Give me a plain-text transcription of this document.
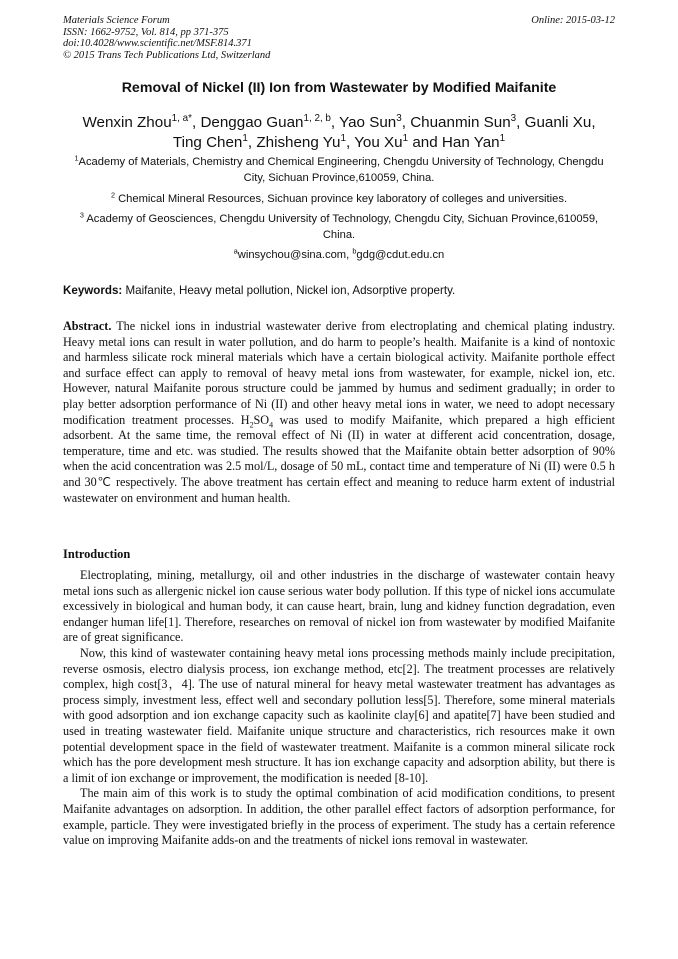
Materials Science Forum
ISSN: 1662-9752, Vol. 814, pp 371-375
doi:10.4028/www.scientific.net/MSF.814.371
© 2015 Trans Tech Publications Ltd, Switzerland
Online: 2015-03-12
Removal of Nickel (II) Ion from Wastewater by Modified Maifanite
Wenxin Zhou$^{1, a*}$, Denggao Guan$^{1, 2, b}$, Yao Sun$^3$, Chuanmin Sun$^3$, Guanli Xu,
Ting Chen$^1$, Zhisheng Yu$^1$, You Xu$^1$ and Han Yan$^1$
$^1$Academy of Materials, Chemistry and Chemical Engineering, Chengdu University of Technology, Chengdu City, Sichuan Province,610059, China.
$^2$ Chemical Mineral Resources, Sichuan province key laboratory of colleges and universities.
$^3$ Academy of Geosciences, Chengdu University of Technology, Chengdu City, Sichuan Province,610059, China.
$^a$winsychou@sina.com, $^b$gdg@cdut.edu.cn
Keywords: Maifanite, Heavy metal pollution, Nickel ion, Adsorptive property.
Abstract. The nickel ions in industrial wastewater derive from electroplating and chemical plating industry. Heavy metal ions can result in water pollution, and do harm to people’s health. Maifanite is a kind of nontoxic and harmless silicate rock mineral materials which have a certain biological activity. Maifanite porthole effect and surface effect can apply to removal of heavy metal ions from wastewater, for example, nickel ion, etc. However, natural Maifanite porous structure could be jammed by humus and sediment gradually; in order to play better adsorption performance of Ni (II) and other heavy metal ions in water, we need to adopt necessary modification treatment processes. $H_2SO_4$ was used to modify Maifanite, which prepared a high efficient adsorbent. At the same time, the removal effect of Ni (II) in water at different acid concentration, dosage, temperature, time and etc. was studied. The results showed that the Maifanite obtain better adsorption of 90% when the acid concentration was 2.5 mol/L, dosage of 50 mL, contact time and temperature of Ni (II) were 0.5 h and 30℃ respectively. The above treatment has certain effect and meaning to reduce harm extent of industrial wastewater on environment and human health.
Introduction

Electroplating, mining, metallurgy, oil and other industries in the discharge of wastewater contain heavy metal ions such as allergenic nickel ion cause serious water body pollution. If this type of nickel ions accumulate excessively in biological and human body, it can cause heart, brain, lung and kidney function degradation, even endanger human life[1]. Therefore, researches on removal of nickel ion from wastewater by modified Maifanite are of great significance.

Now, this kind of wastewater containing heavy metal ions processing methods mainly include precipitation, reverse osmosis, electro dialysis process, ion exchange method, etc[2]. The treatment processes are relatively complex, high cost[3，4]. The use of natural mineral for heavy metal wastewater treatment has advantages as process simply, investment less, effect well and secondary pollution less[5]. Therefore, some mineral materials with good adsorption and ion exchange capacity such as kaolinite clay[6] and apatite[7] have been studied and used in treating wastewater field. Maifanite unique structure and characteristics, rich resources make it own potential development space in the field of wastewater treatment. Maifanite is a common mineral silicate rock which has the pore development mesh structure. It has ion exchange capacity and adsorption ability, but there is a limit of ion exchange or improvement, the modification is needed [8-10].

The main aim of this work is to study the optimal combination of acid modification conditions, to present Maifanite advantages on adsorption. In addition, the other parallel effect factors of adsorption performance, for example, particle. They were investigated briefly in the process of experiment. The study has a certain reference value on improving Maifanite adds-on and the treatments of nickel ions removal in wastewater.
